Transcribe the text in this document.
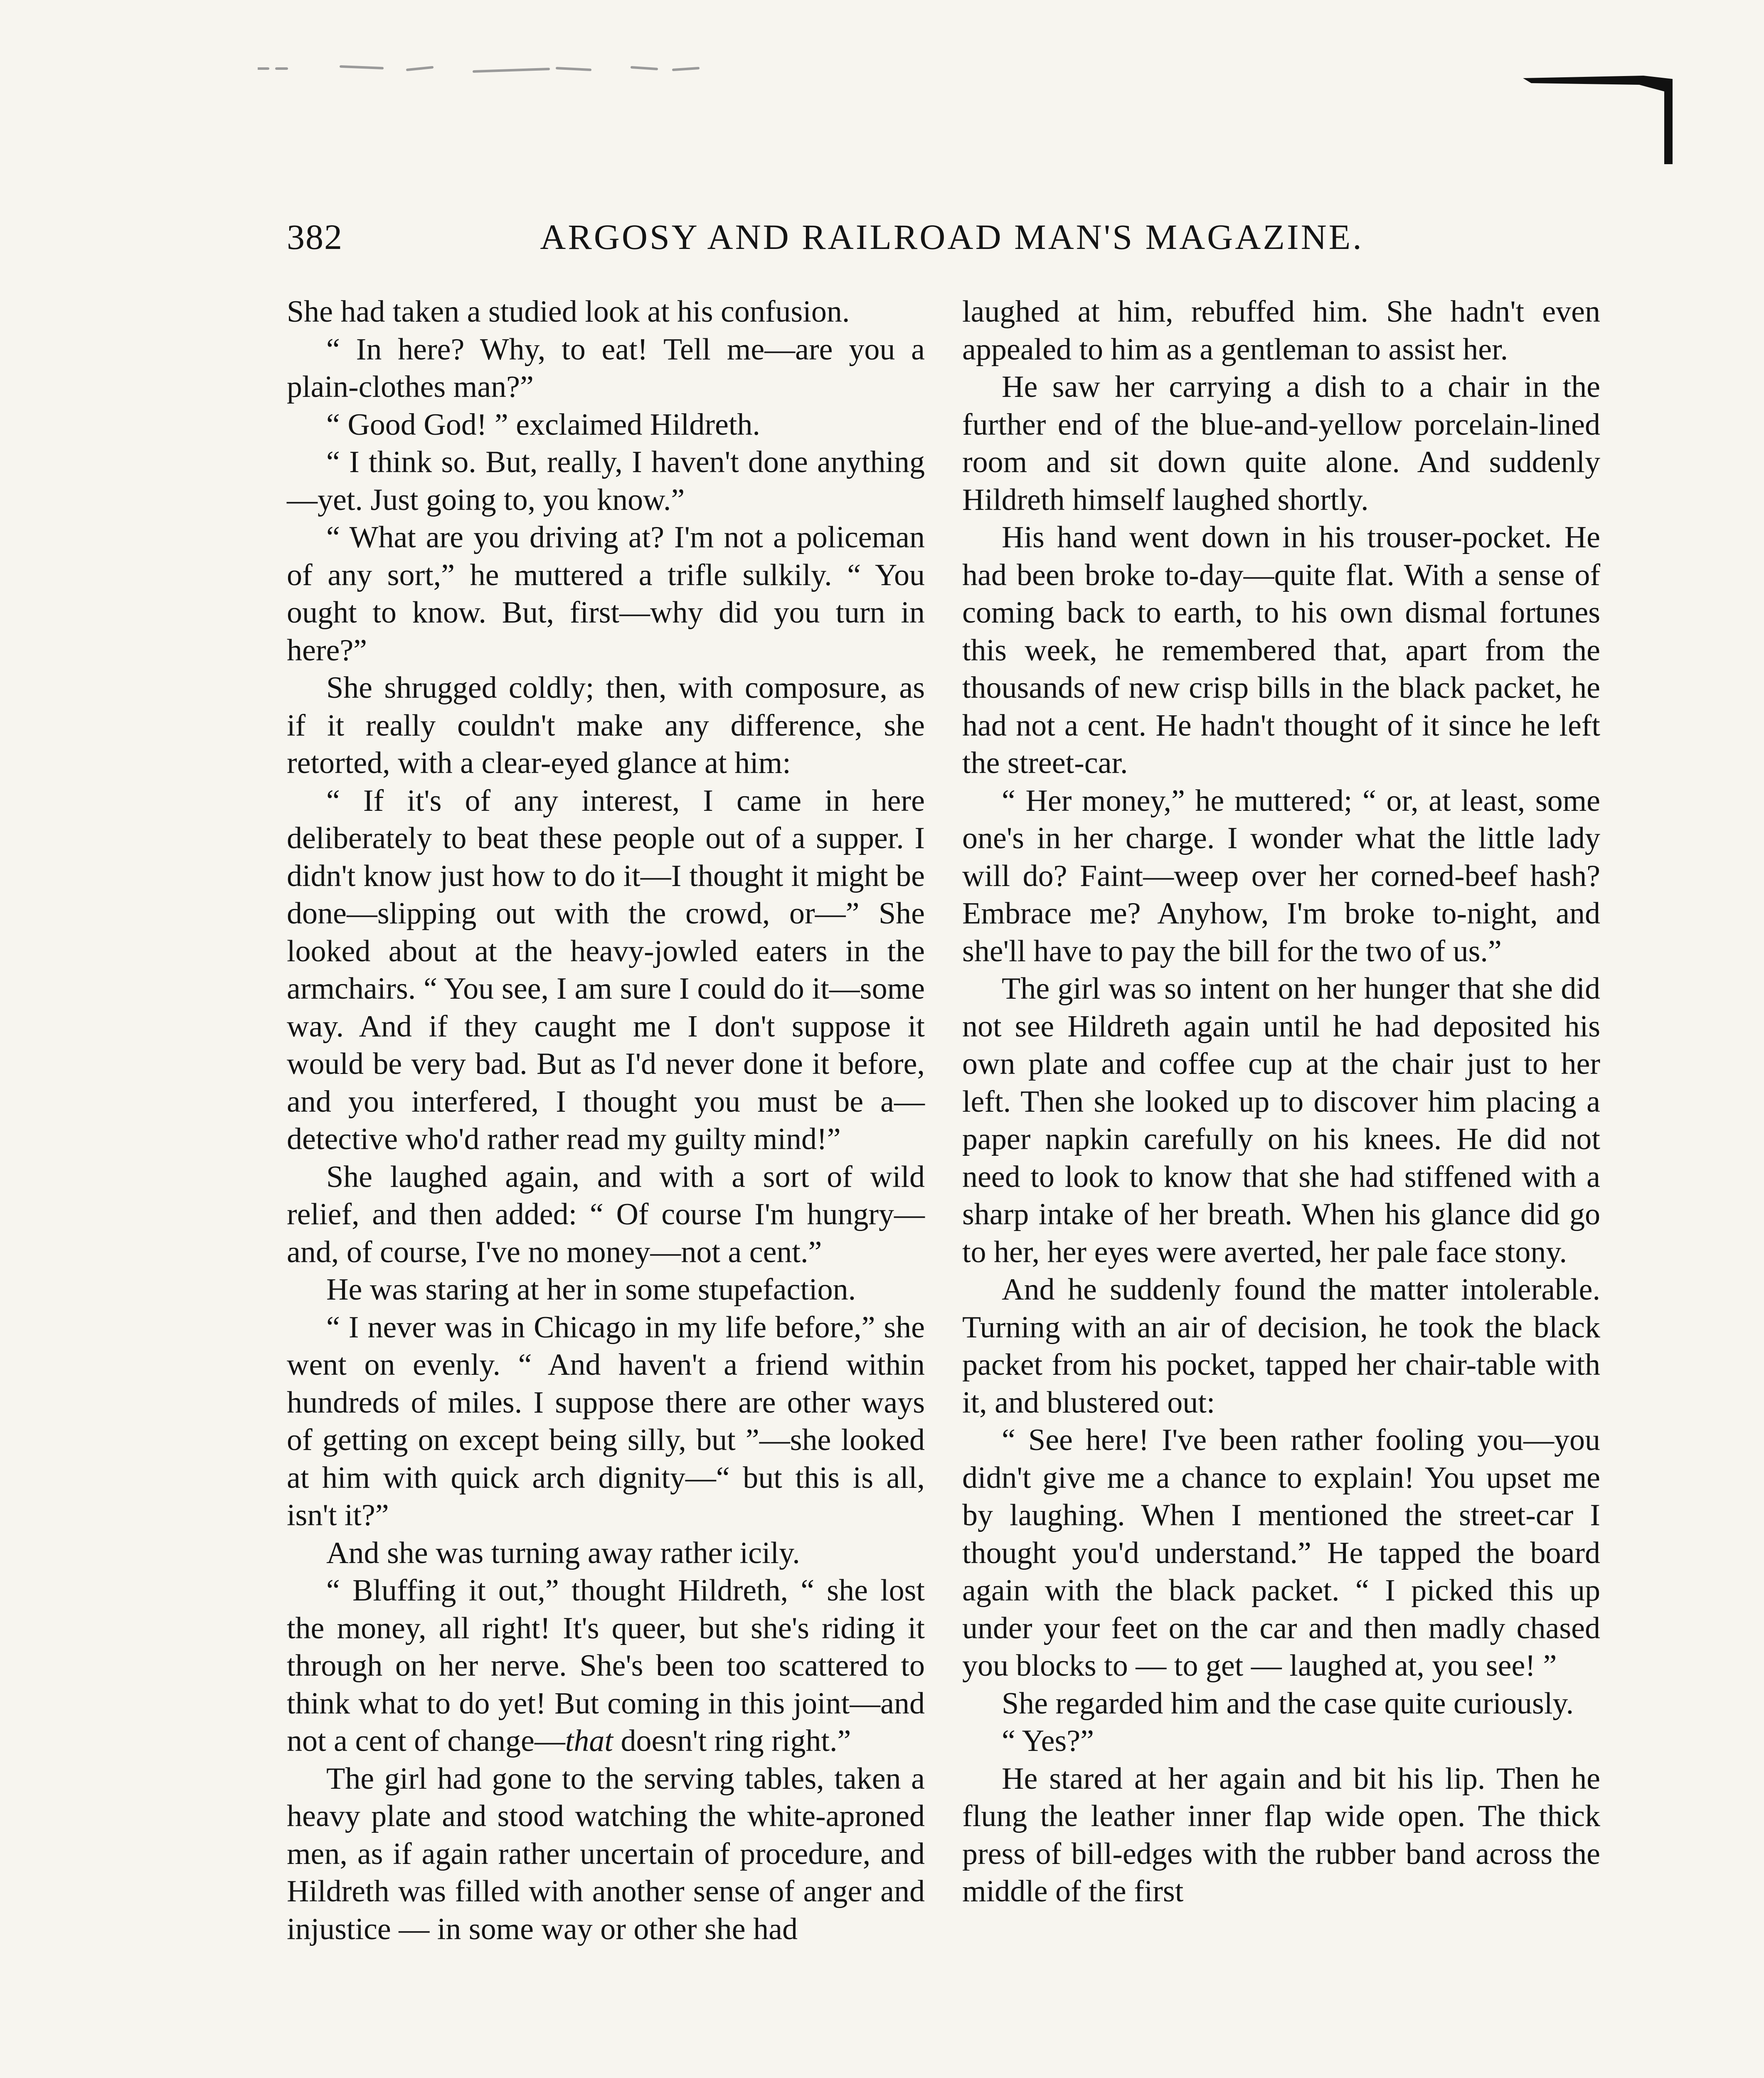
382	ARGOSY AND RAILROAD MAN'S MAGAZINE.

She had taken a studied look at his confusion.

“ In here? Why, to eat! Tell me—are you a plain-clothes man?”

“ Good God! ” exclaimed Hildreth.

“ I think so. But, really, I haven't done anything—yet. Just going to, you know.”

“ What are you driving at? I'm not a policeman of any sort,” he muttered a trifle sulkily. “ You ought to know. But, first—why did you turn in here?”

She shrugged coldly; then, with composure, as if it really couldn't make any difference, she retorted, with a clear-eyed glance at him:

“ If it's of any interest, I came in here deliberately to beat these people out of a supper. I didn't know just how to do it—I thought it might be done—slipping out with the crowd, or—” She looked about at the heavy-jowled eaters in the armchairs. “ You see, I am sure I could do it—some way. And if they caught me I don't suppose it would be very bad. But as I'd never done it before, and you interfered, I thought you must be a—detective who'd rather read my guilty mind!”

She laughed again, and with a sort of wild relief, and then added: “ Of course I'm hungry—and, of course, I've no money—not a cent.”

He was staring at her in some stupefaction.

“ I never was in Chicago in my life before,” she went on evenly. “ And haven't a friend within hundreds of miles. I suppose there are other ways of getting on except being silly, but ”—she looked at him with quick arch dignity—“ but this is all, isn't it?”

And she was turning away rather icily.

“ Bluffing it out,” thought Hildreth, “ she lost the money, all right! It's queer, but she's riding it through on her nerve. She's been too scattered to think what to do yet! But coming in this joint—and not a cent of change—that doesn't ring right.”

The girl had gone to the serving tables, taken a heavy plate and stood watching the white-aproned men, as if again rather uncertain of procedure, and Hildreth was filled with another sense of anger and injustice — in some way or other she had

laughed at him, rebuffed him. She hadn't even appealed to him as a gentleman to assist her.

He saw her carrying a dish to a chair in the further end of the blue-and-yellow porcelain-lined room and sit down quite alone. And suddenly Hildreth himself laughed shortly.

His hand went down in his trouser-pocket. He had been broke to-day—quite flat. With a sense of coming back to earth, to his own dismal fortunes this week, he remembered that, apart from the thousands of new crisp bills in the black packet, he had not a cent. He hadn't thought of it since he left the street-car.

“ Her money,” he muttered; “ or, at least, some one's in her charge. I wonder what the little lady will do? Faint—weep over her corned-beef hash? Embrace me? Anyhow, I'm broke to-night, and she'll have to pay the bill for the two of us.”

The girl was so intent on her hunger that she did not see Hildreth again until he had deposited his own plate and coffee cup at the chair just to her left. Then she looked up to discover him placing a paper napkin carefully on his knees. He did not need to look to know that she had stiffened with a sharp intake of her breath. When his glance did go to her, her eyes were averted, her pale face stony.

And he suddenly found the matter intolerable. Turning with an air of decision, he took the black packet from his pocket, tapped her chair-table with it, and blustered out:

“ See here! I've been rather fooling you—you didn't give me a chance to explain! You upset me by laughing. When I mentioned the street-car I thought you'd understand.” He tapped the board again with the black packet. “ I picked this up under your feet on the car and then madly chased you blocks to — to get — laughed at, you see! ”

She regarded him and the case quite curiously.

“ Yes?”

He stared at her again and bit his lip. Then he flung the leather inner flap wide open. The thick press of bill-edges with the rubber band across the middle of the first
